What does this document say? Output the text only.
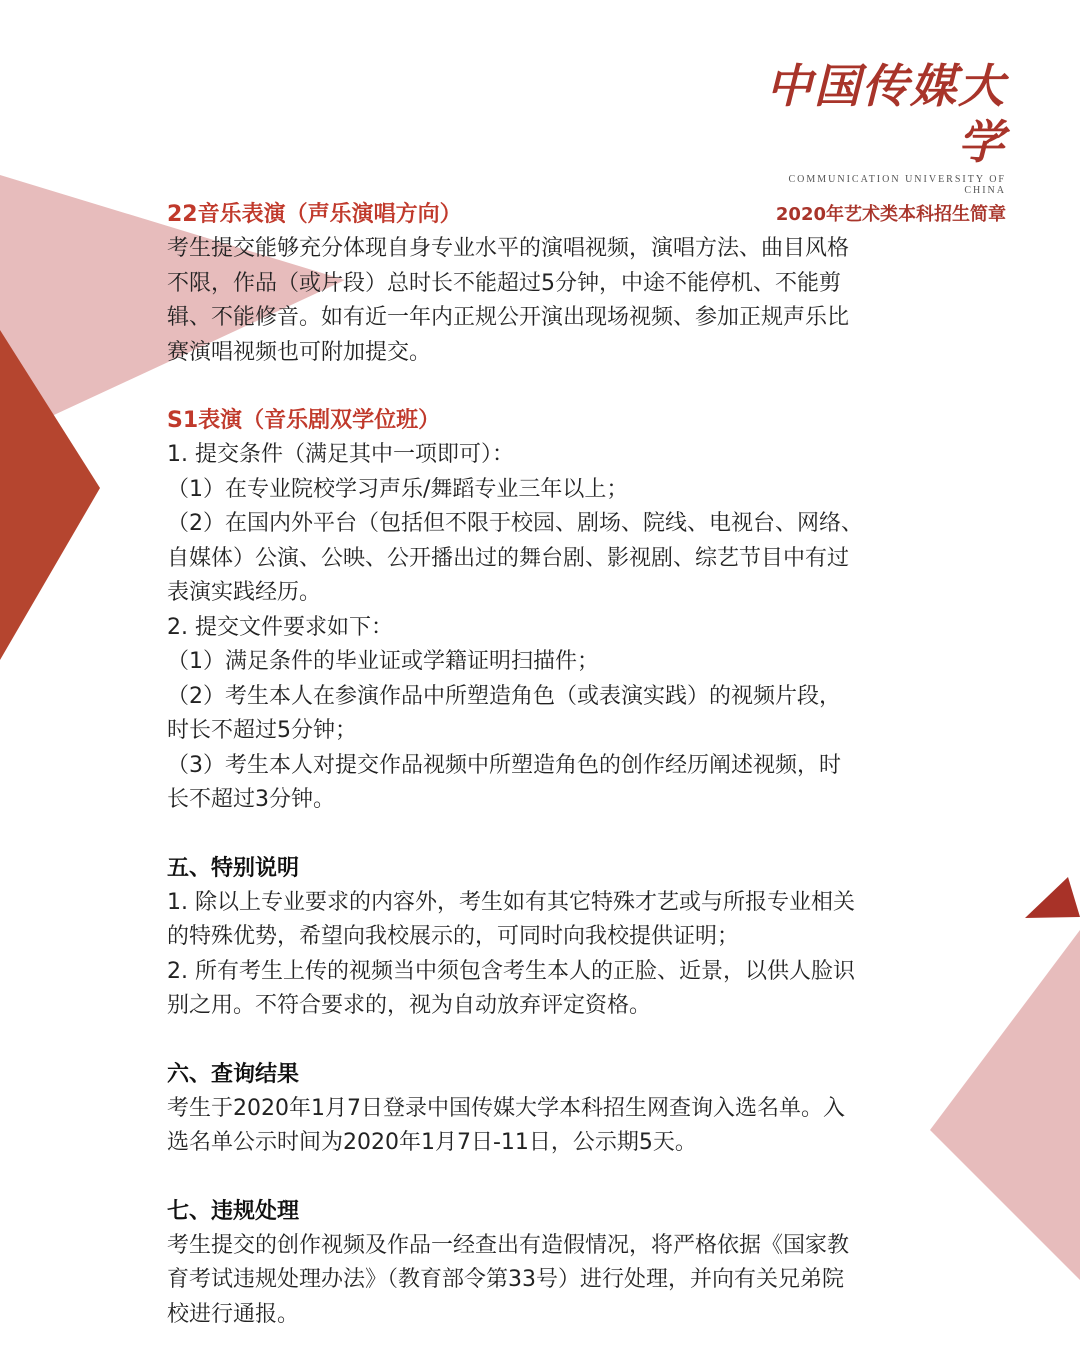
中国传媒大学
COMMUNICATION UNIVERSITY OF CHINA
2020年艺术类本科招生简章
22音乐表演（声乐演唱方向）
考生提交能够充分体现自身专业水平的演唱视频，演唱方法、曲目风格
不限，作品（或片段）总时长不能超过5分钟，中途不能停机、不能剪
辑、不能修音。如有近一年内正规公开演出现场视频、参加正规声乐比
赛演唱视频也可附加提交。
S1表演（音乐剧双学位班）
1. 提交条件（满足其中一项即可）：
（1）在专业院校学习声乐/舞蹈专业三年以上；
（2）在国内外平台（包括但不限于校园、剧场、院线、电视台、网络、
自媒体）公演、公映、公开播出过的舞台剧、影视剧、综艺节目中有过
表演实践经历。
2. 提交文件要求如下：
（1）满足条件的毕业证或学籍证明扫描件；
（2）考生本人在参演作品中所塑造角色（或表演实践）的视频片段，
时长不超过5分钟；
（3）考生本人对提交作品视频中所塑造角色的创作经历阐述视频，时
长不超过3分钟。
五、特别说明
1. 除以上专业要求的内容外，考生如有其它特殊才艺或与所报专业相关
的特殊优势，希望向我校展示的，可同时向我校提供证明；
2. 所有考生上传的视频当中须包含考生本人的正脸、近景，以供人脸识
别之用。不符合要求的，视为自动放弃评定资格。
六、查询结果
考生于2020年1月7日登录中国传媒大学本科招生网查询入选名单。入
选名单公示时间为2020年1月7日-11日，公示期5天。
七、违规处理
考生提交的创作视频及作品一经查出有造假情况，将严格依据《国家教
育考试违规处理办法》（教育部令第33号）进行处理，并向有关兄弟院
校进行通报。
